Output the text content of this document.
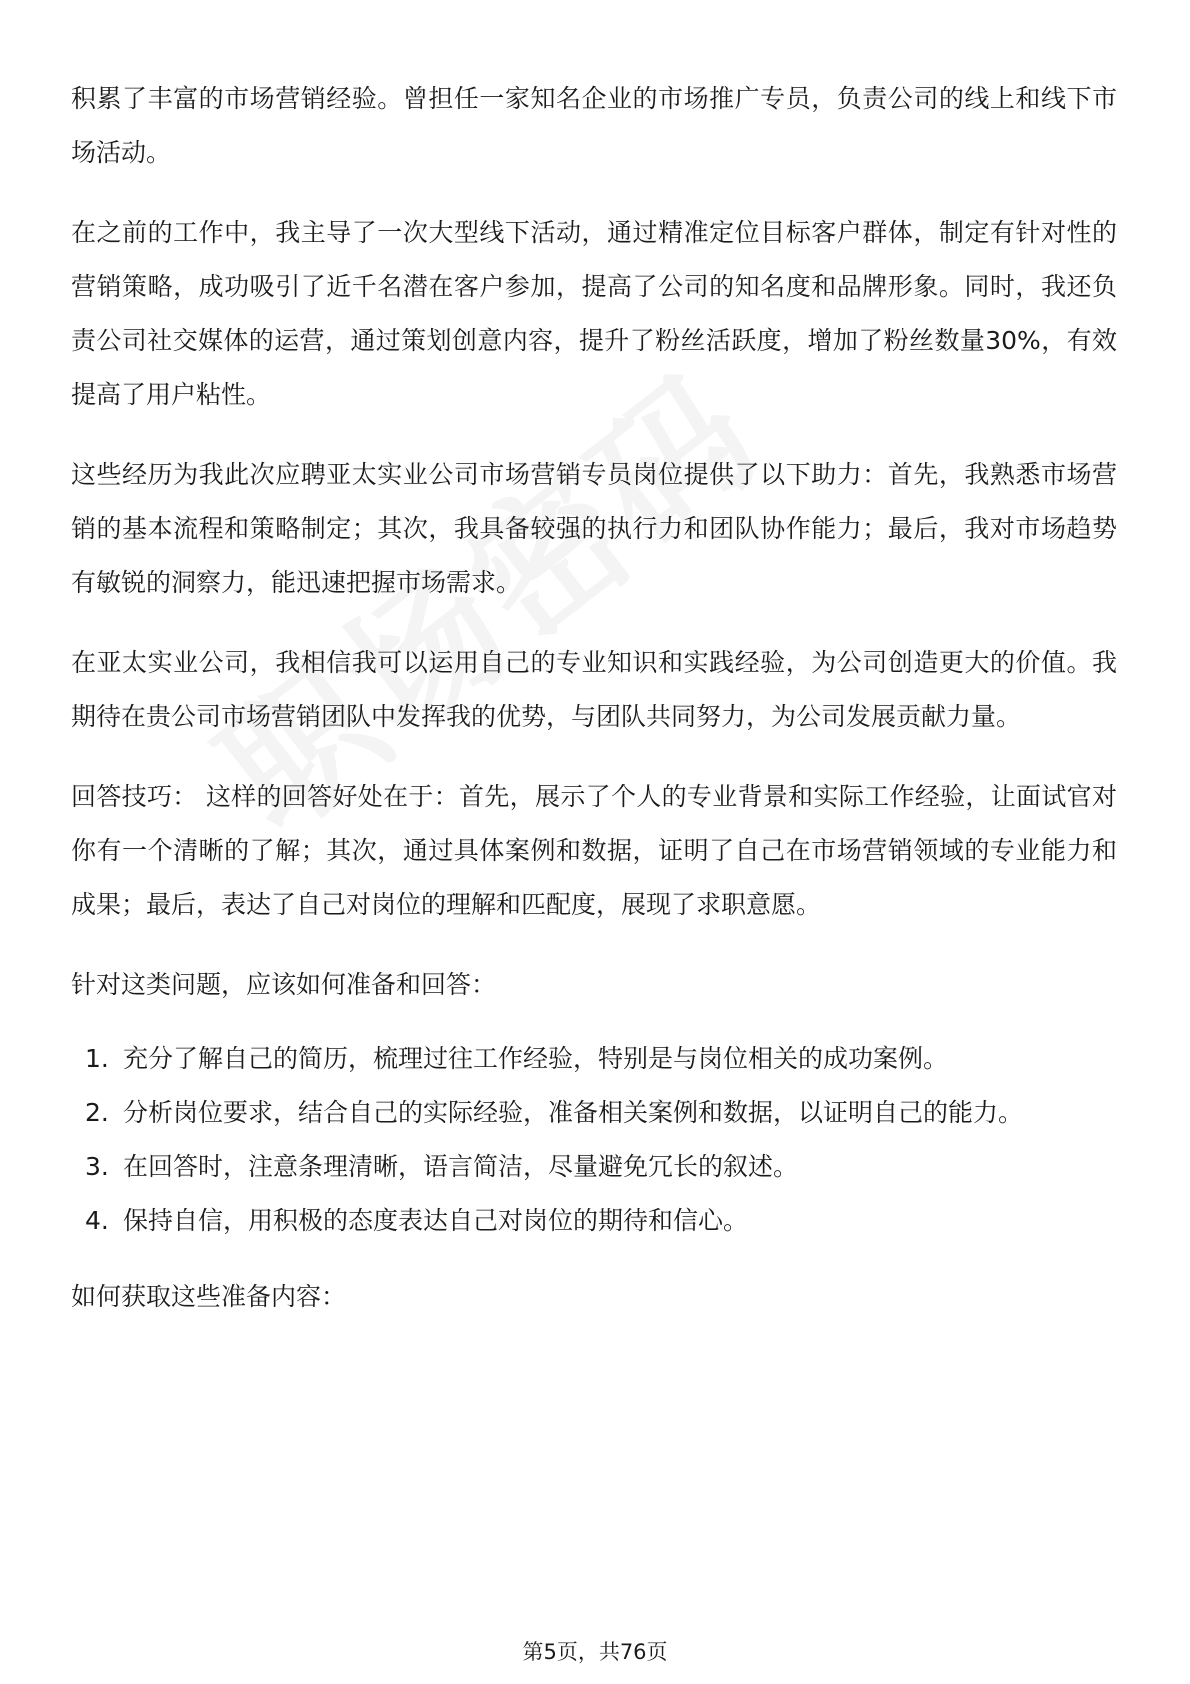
积累了丰富的市场营销经验。曾担任一家知名企业的市场推广专员，负责公司的线上和线下市场活动。

在之前的工作中，我主导了一次大型线下活动，通过精准定位目标客户群体，制定有针对性的营销策略，成功吸引了近千名潜在客户参加，提高了公司的知名度和品牌形象。同时，我还负责公司社交媒体的运营，通过策划创意内容，提升了粉丝活跃度，增加了粉丝数量30%，有效提高了用户粘性。

这些经历为我此次应聘亚太实业公司市场营销专员岗位提供了以下助力：首先，我熟悉市场营销的基本流程和策略制定；其次，我具备较强的执行力和团队协作能力；最后，我对市场趋势有敏锐的洞察力，能迅速把握市场需求。

在亚太实业公司，我相信我可以运用自己的专业知识和实践经验，为公司创造更大的价值。我期待在贵公司市场营销团队中发挥我的优势，与团队共同努力，为公司发展贡献力量。

回答技巧： 这样的回答好处在于：首先，展示了个人的专业背景和实际工作经验，让面试官对你有一个清晰的了解；其次，通过具体案例和数据，证明了自己在市场营销领域的专业能力和成果；最后，表达了自己对岗位的理解和匹配度，展现了求职意愿。

针对这类问题，应该如何准备和回答：

1. 充分了解自己的简历，梳理过往工作经验，特别是与岗位相关的成功案例。
2. 分析岗位要求，结合自己的实际经验，准备相关案例和数据，以证明自己的能力。
3. 在回答时，注意条理清晰，语言简洁，尽量避免冗长的叙述。
4. 保持自信，用积极的态度表达自己对岗位的期待和信心。

如何获取这些准备内容：

第5页，共76页
